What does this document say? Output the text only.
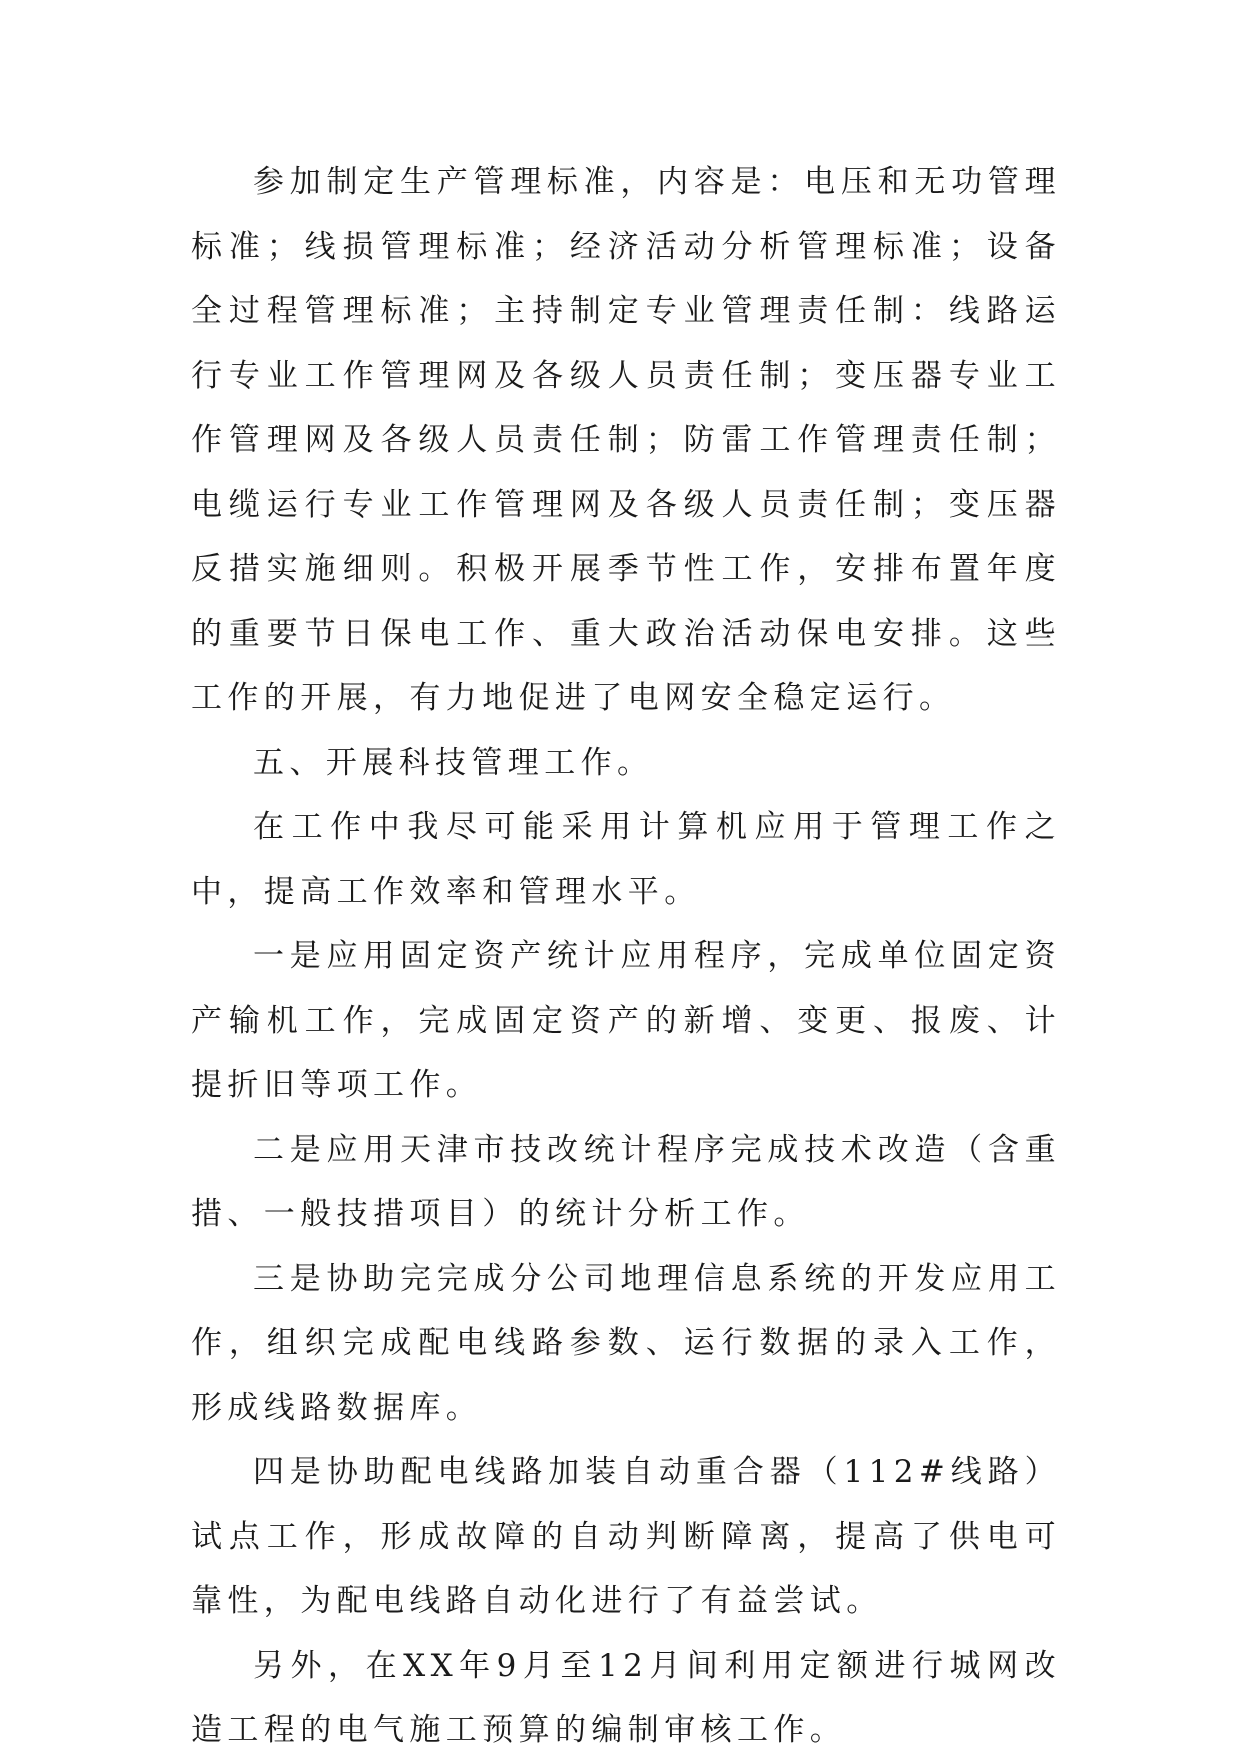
参加制定生产管理标准，内容是：电压和无功管理标准；线损管理标准；经济活动分析管理标准；设备全过程管理标准；主持制定专业管理责任制：线路运行专业工作管理网及各级人员责任制；变压器专业工作管理网及各级人员责任制；防雷工作管理责任制；电缆运行专业工作管理网及各级人员责任制；变压器反措实施细则。积极开展季节性工作，安排布置年度的重要节日保电工作、重大政治活动保电安排。这些工作的开展，有力地促进了电网安全稳定运行。

五、开展科技管理工作。

在工作中我尽可能采用计算机应用于管理工作之中，提高工作效率和管理水平。

一是应用固定资产统计应用程序，完成单位固定资产输机工作，完成固定资产的新增、变更、报废、计提折旧等项工作。

二是应用天津市技改统计程序完成技术改造（含重措、一般技措项目）的统计分析工作。

三是协助完完成分公司地理信息系统的开发应用工作，组织完成配电线路参数、运行数据的录入工作，形成线路数据库。

四是协助配电线路加装自动重合器（112#线路）试点工作，形成故障的自动判断障离，提高了供电可靠性，为配电线路自动化进行了有益尝试。

另外，在XX年9月至12月间利用定额进行城网改造工程的电气施工预算的编制审核工作。
